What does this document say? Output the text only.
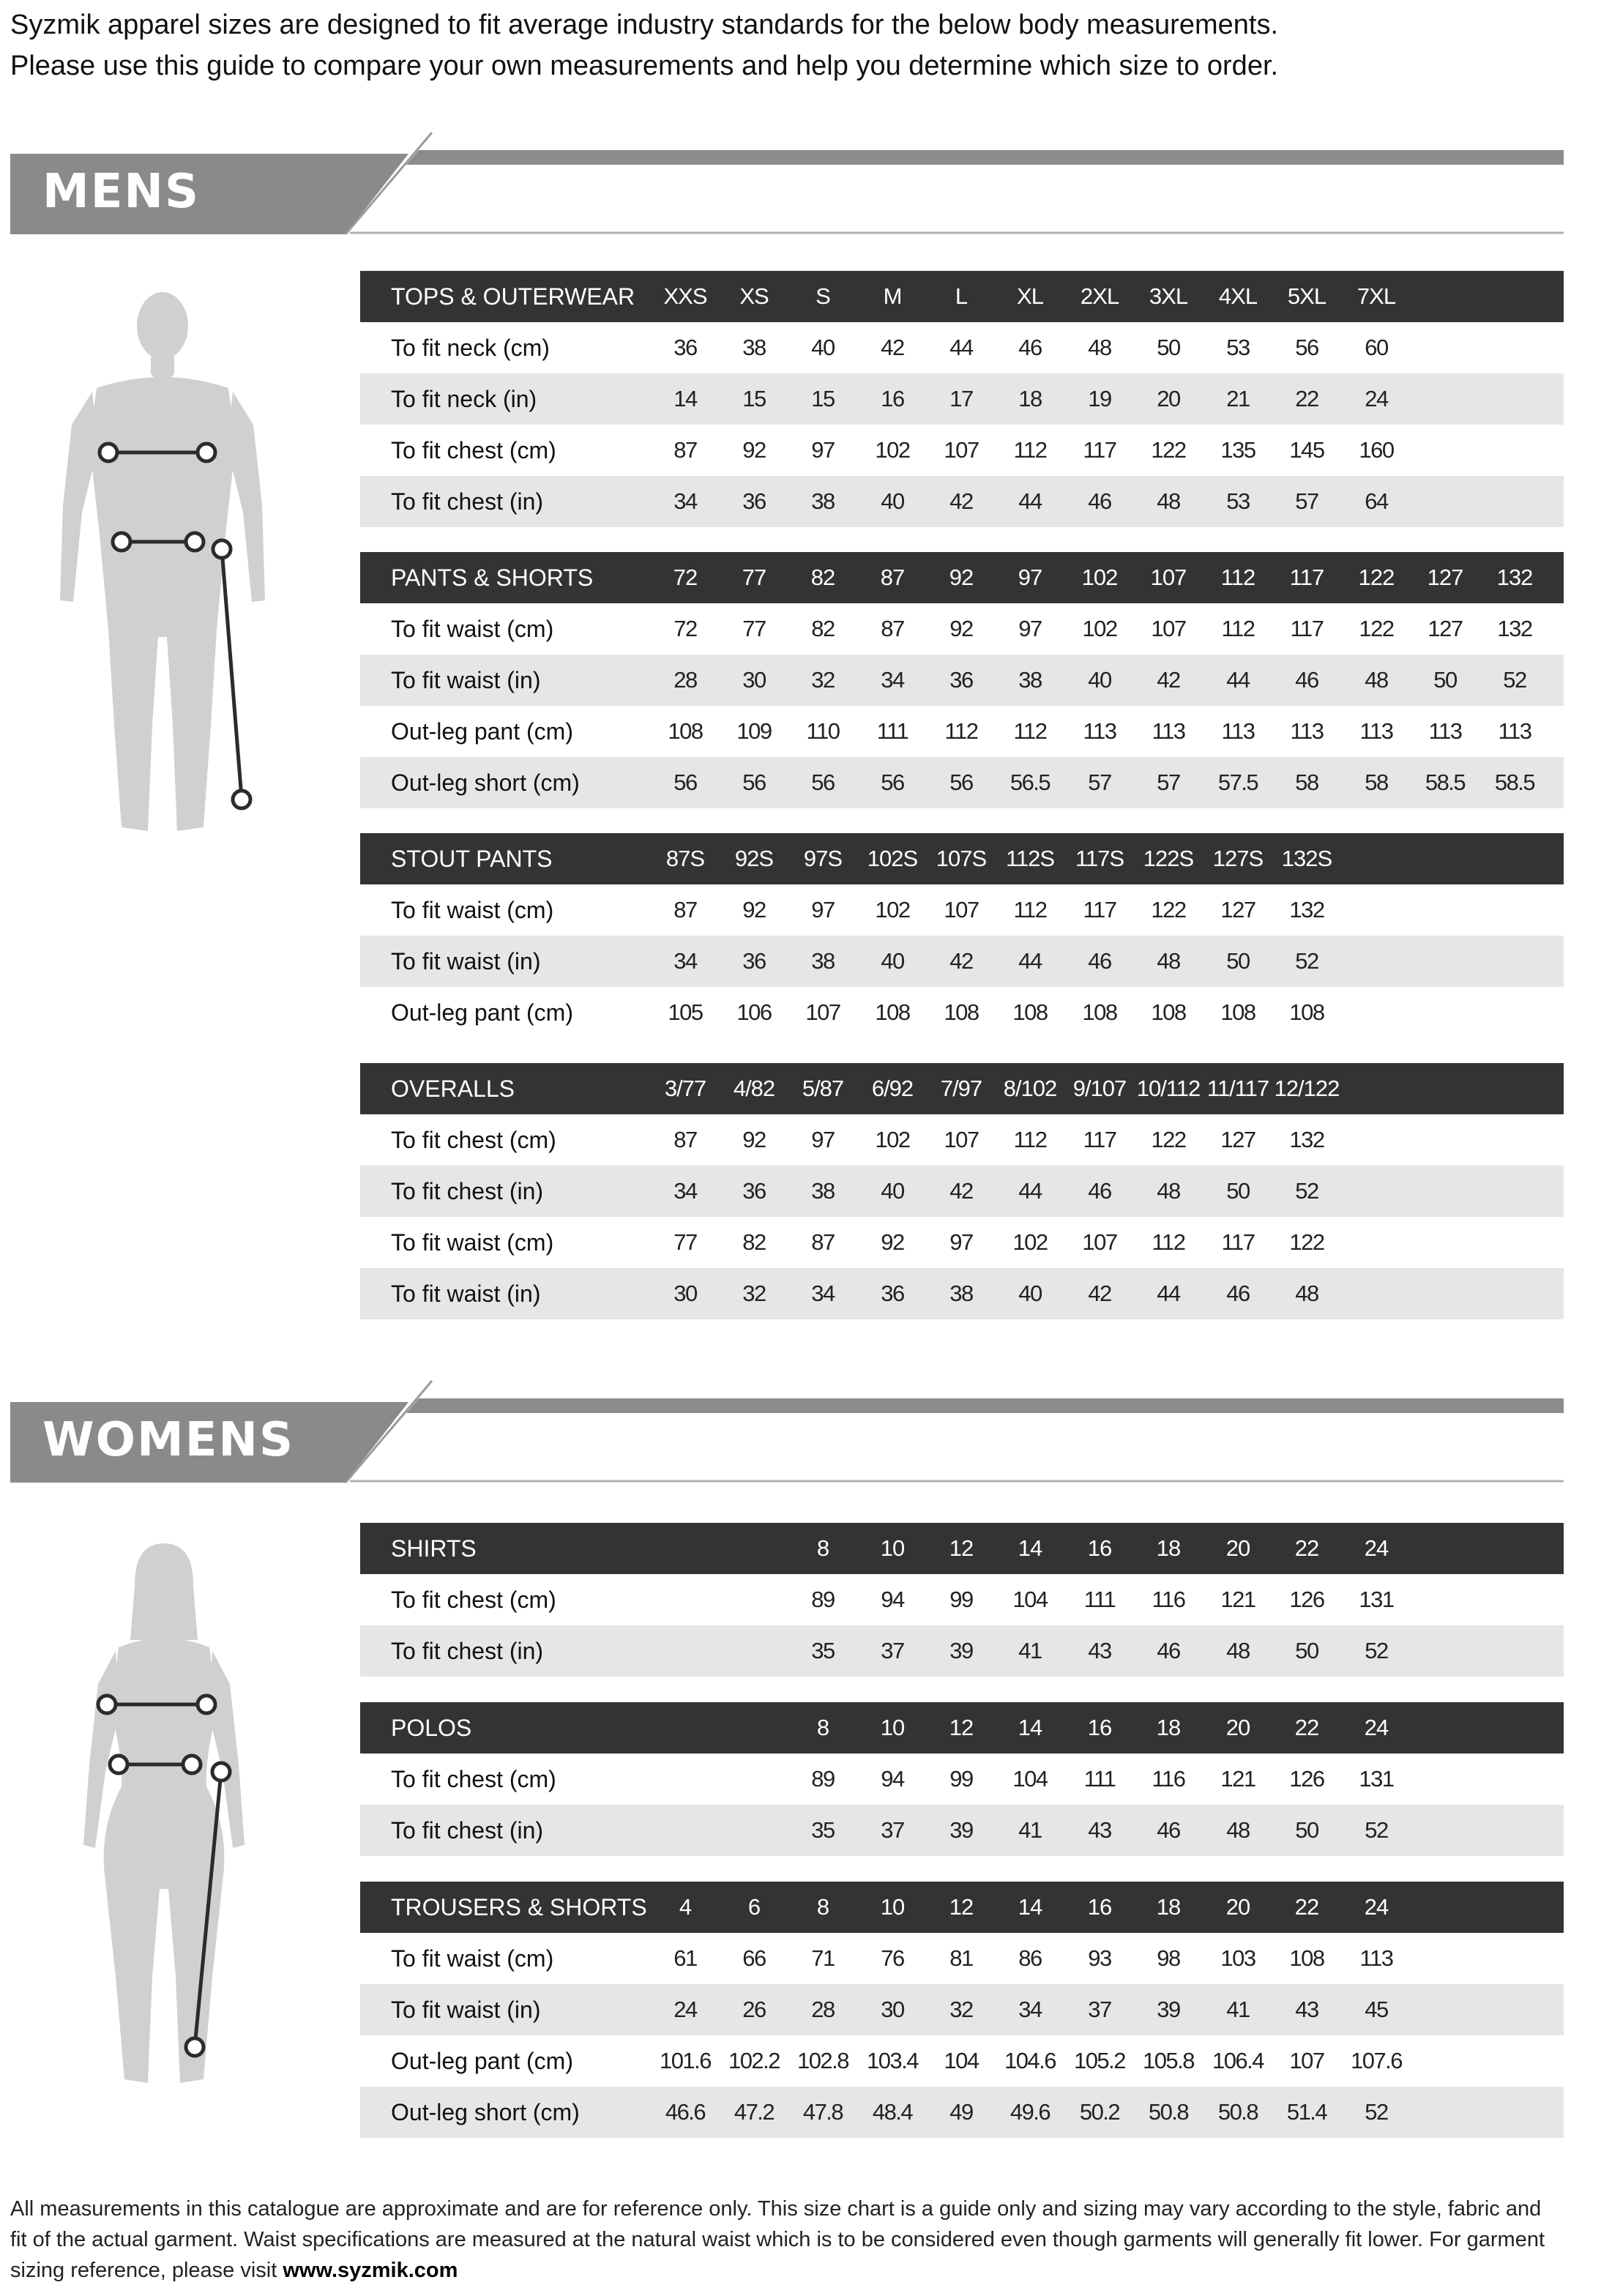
Syzmik apparel sizes are designed to fit average industry standards for the below body measurements.
Please use this guide to compare your own measurements and help you determine which size to order.
MENS
TOPS & OUTERWEAR	XXS	XS	S	M	L	XL	2XL	3XL	4XL	5XL	7XL
To fit neck (cm)	36	38	40	42	44	46	48	50	53	56	60
To fit neck (in)	14	15	15	16	17	18	19	20	21	22	24
To fit chest (cm)	87	92	97	102	107	112	117	122	135	145	160
To fit chest (in)	34	36	38	40	42	44	46	48	53	57	64
PANTS & SHORTS	72	77	82	87	92	97	102	107	112	117	122	127	132
To fit waist (cm)	72	77	82	87	92	97	102	107	112	117	122	127	132
To fit waist (in)	28	30	32	34	36	38	40	42	44	46	48	50	52
Out-leg pant (cm)	108	109	110	111	112	112	113	113	113	113	113	113	113
Out-leg short (cm)	56	56	56	56	56	56.5	57	57	57.5	58	58	58.5	58.5
STOUT PANTS	87S	92S	97S	102S 107S 112S 117S 122S 127S 132S
To fit waist (cm)	87	92	97	102	107	112	117	122	127	132
To fit waist (in)	34	36	38	40	42	44	46	48	50	52
Out-leg pant (cm)	105	106	107	108	108	108	108	108	108	108
OVERALLS	3/77	4/82	5/87	6/92	7/97 8/102 9/107 10/112 11/117 12/122
To fit chest (cm)	87	92	97	102	107	112	117	122	127	132
To fit chest (in)	34	36	38	40	42	44	46	48	50	52
To fit waist (cm)	77	82	87	92	97	102	107	112	117	122
To fit waist (in)	30	32	34	36	38	40	42	44	46	48
WOMENS
SHIRTS	8	10	12	14	16	18	20	22	24
To fit chest (cm)	89	94	99	104	111	116	121	126	131
To fit chest (in)	35	37	39	41	43	46	48	50	52
POLOS	8	10	12	14	16	18	20	22	24
To fit chest (cm)	89	94	99	104	111	116	121	126	131
To fit chest (in)	35	37	39	41	43	46	48	50	52
TROUSERS & SHORTS	4	6	8	10	12	14	16	18	20	22	24
To fit waist (cm)	61	66	71	76	81	86	93	98	103	108	113
To fit waist (in)	24	26	28	30	32	34	37	39	41	43	45
Out-leg pant (cm)	101.6 102.2 102.8 103.4	104	104.6 105.2 105.8 106.4	107	107.6
Out-leg short (cm)	46.6	47.2	47.8	48.4	49	49.6	50.2	50.8	50.8	51.4	52
All measurements in this catalogue are approximate and are for reference only. This size chart is a guide only and sizing may vary according to the style, fabric and
fit of the actual garment. Waist specifications are measured at the natural waist which is to be considered even though garments will generally fit lower. For garment
sizing reference, please visit www.syzmik.com
